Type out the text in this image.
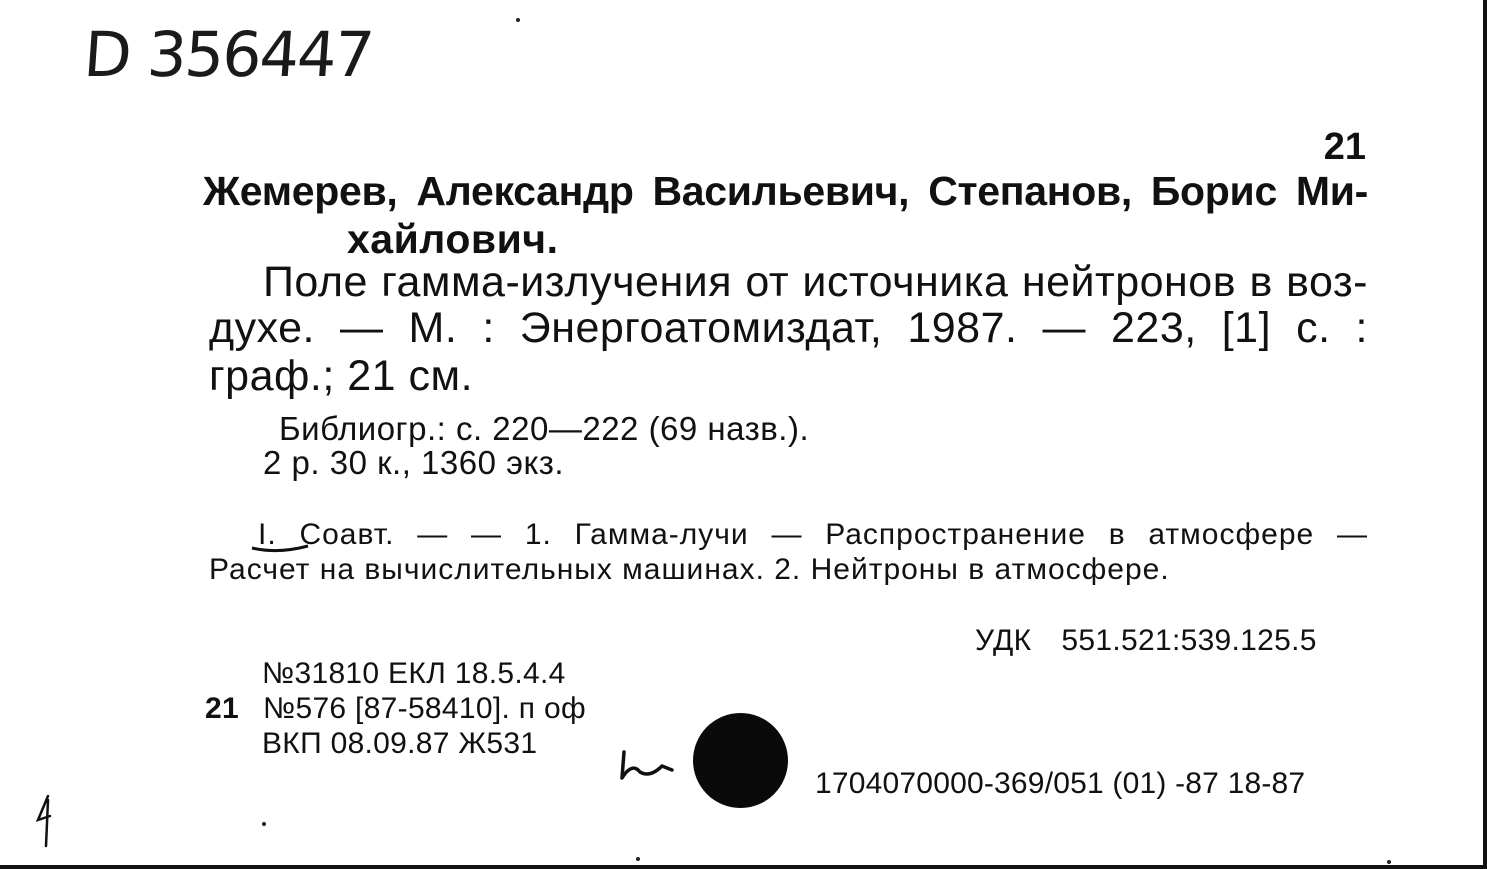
D 356447
21
Жемерев, Александр Васильевич, Степанов, Борис Ми-
хайлович.
Поле гамма-излучения от источника нейтронов в воз-
духе. — М. : Энергоатомиздат, 1987. — 223, [1] с. :
граф.; 21 см.
Библиогр.: с. 220—222 (69 назв.).
2 р. 30 к., 1360 экз.
I. Соавт. — — 1. Гамма-лучи — Распространение в атмосфере —
Расчет на вычислительных машинах. 2. Нейтроны в атмосфере.
УДК 551.521:539.125.5
№31810 ЕКЛ 18.5.4.4
21 №576 [87-58410]. п оф
ВКП 08.09.87 Ж531
1704070000-369/051 (01) -87 18-87
